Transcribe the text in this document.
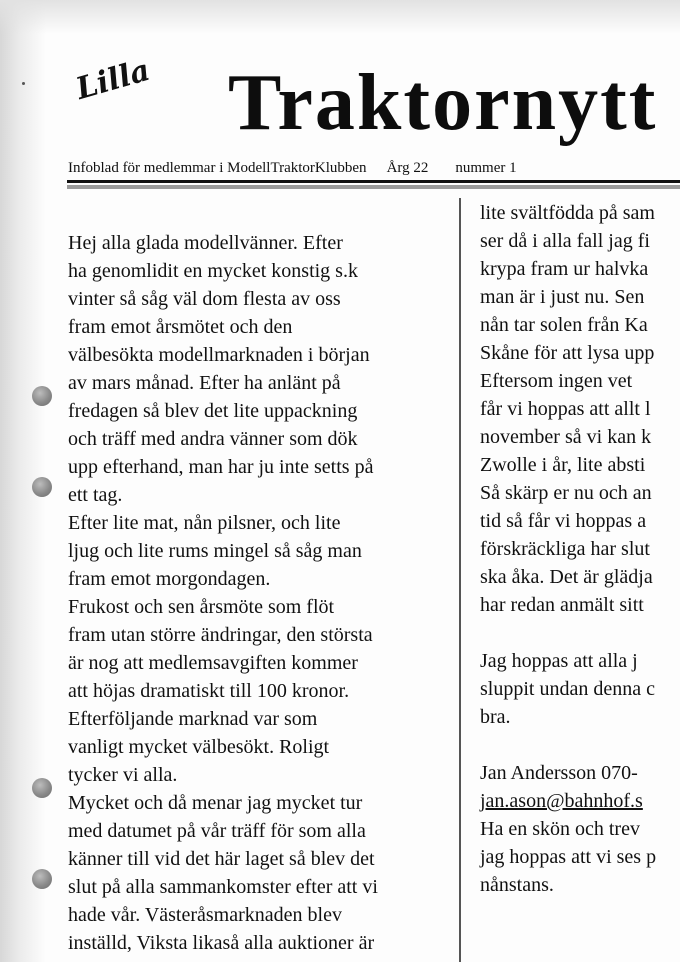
Lilla Traktornytt
Infoblad för medlemmar i ModellTraktorKlubben Årg 22 nummer 1
Hej alla glada modellvänner. Efter
ha genomlidit en mycket konstig s.k
vinter så såg väl dom flesta av oss
fram emot årsmötet och den
välbesökta modellmarknaden i början
av mars månad. Efter ha anlänt på
fredagen så blev det lite uppackning
och träff med andra vänner som dök
upp efterhand, man har ju inte setts på
ett tag.
Efter lite mat, nån pilsner, och lite
ljug och lite rums mingel så såg man
fram emot morgondagen.
Frukost och sen årsmöte som flöt
fram utan större ändringar, den största
är nog att medlemsavgiften kommer
att höjas dramatiskt till 100 kronor.
Efterföljande marknad var som
vanligt mycket välbesökt. Roligt
tycker vi alla.
Mycket och då menar jag mycket tur
med datumet på vår träff för som alla
känner till vid det här laget så blev det
slut på alla sammankomster efter att vi
hade vår. Västeråsmarknaden blev
inställd, Viksta likaså alla auktioner är
lite svältfödda på sam
ser då i alla fall jag fi
krypa fram ur halvka
man är i just nu. Sen
nån tar solen från Ka
Skåne för att lysa upp
Eftersom ingen vet
får vi hoppas att allt l
november så vi kan k
Zwolle i år, lite absti
Så skärp er nu och an
tid så får vi hoppas a
förskräckliga har slut
ska åka. Det är glädja
har redan anmält sitt
Jag hoppas att alla j
sluppit undan denna c
bra.
Jan Andersson 070-
jan.ason@bahnhof.s
Ha en skön och trev
jag hoppas att vi ses p
nånstans.
